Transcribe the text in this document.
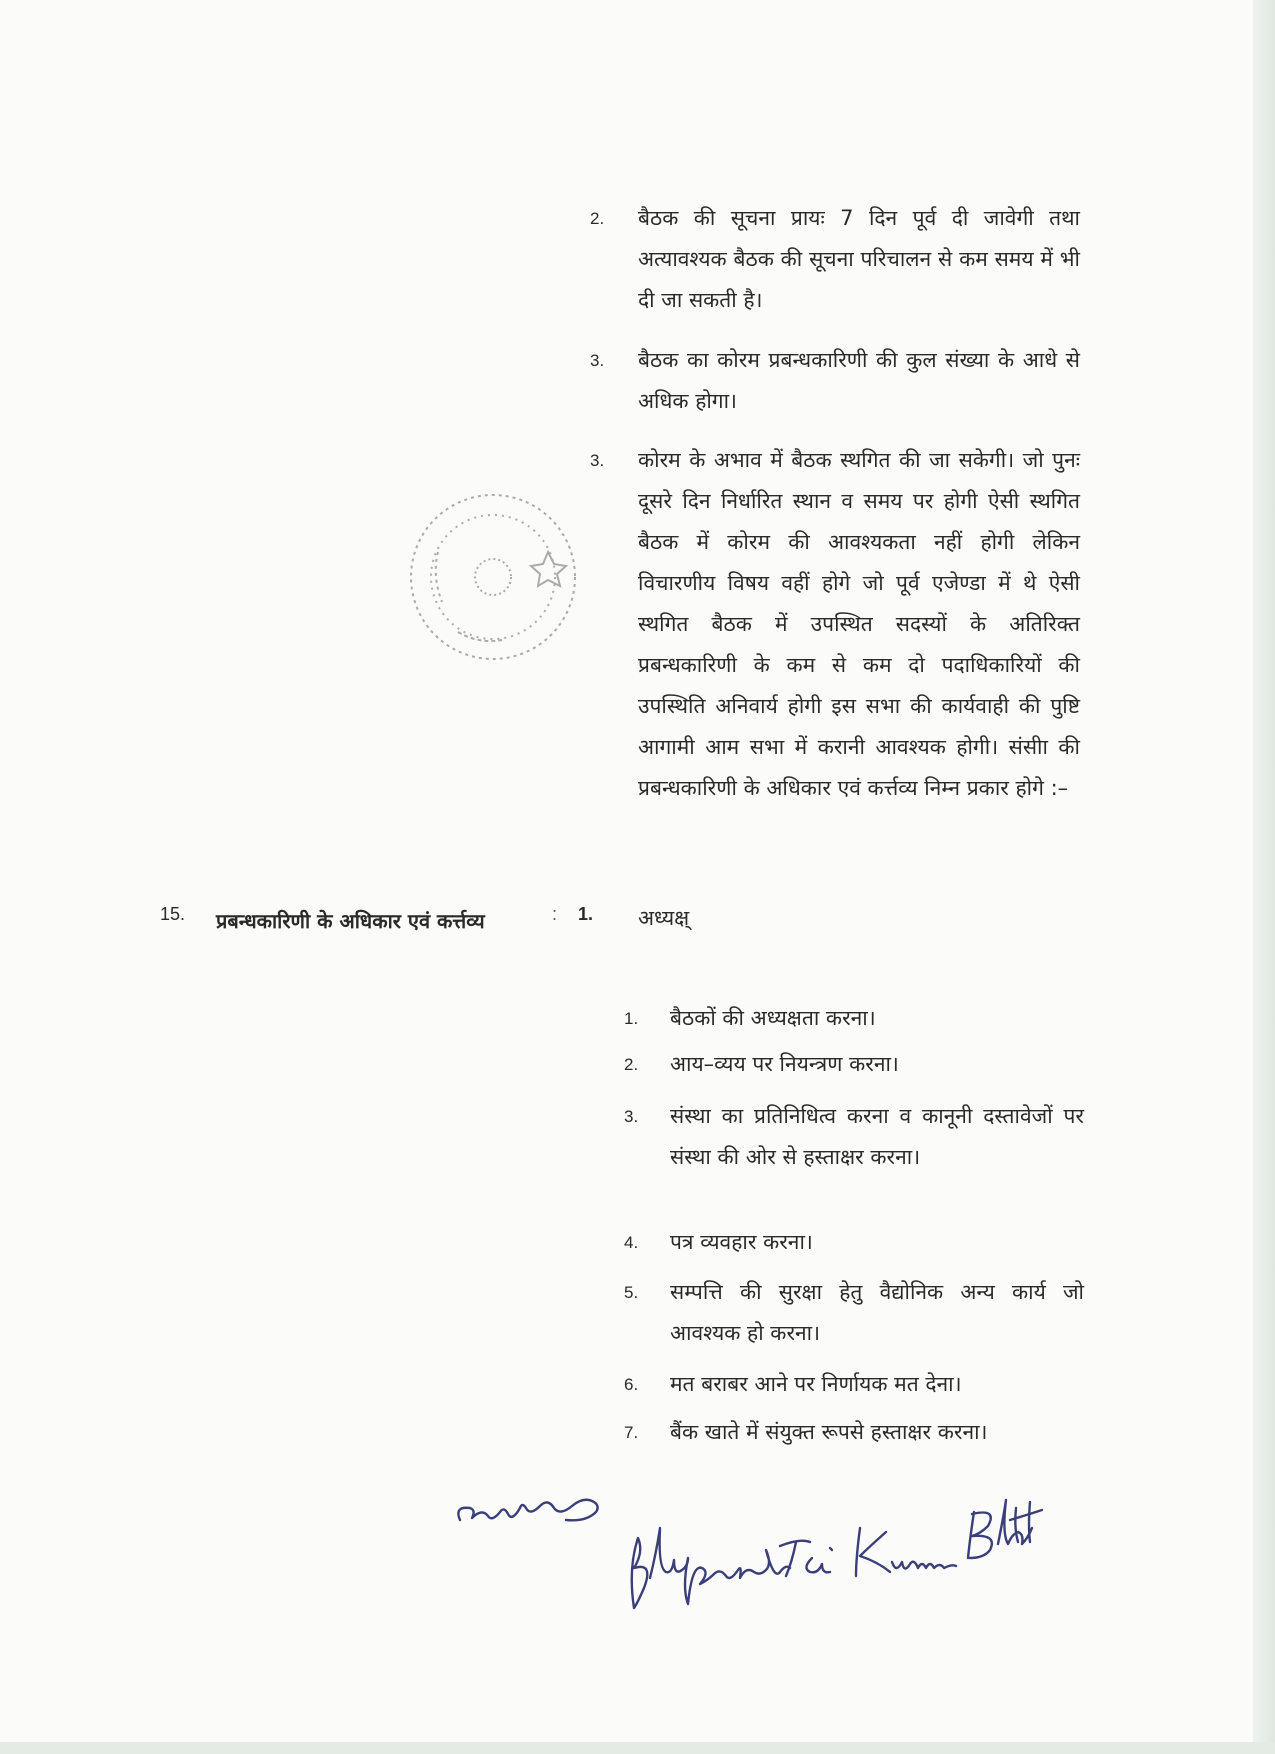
2.	बैठक की सूचना प्रायः 7 दिन पूर्व दी जावेगी तथा अत्यावश्यक बैठक की सूचना परिचालन से कम समय में भी दी जा सकती है।
3.	बैठक का कोरम प्रबन्धकारिणी की कुल संख्या के आधे से अधिक होगा।
3.	कोरम के अभाव में बैठक स्थगित की जा सकेगी। जो पुनः दूसरे दिन निर्धारित स्थान व समय पर होगी ऐसी स्थगित बैठक में कोरम की आवश्यकता नहीं होगी लेकिन विचारणीय विषय वहीं होगे जो पूर्व एजेण्डा में थे ऐसी स्थगित बैठक में उपस्थित सदस्यों के अतिरिक्त प्रबन्धकारिणी के कम से कम दो पदाधिकारियों की उपस्थिति अनिवार्य होगी इस सभा की कार्यवाही की पुष्टि आगामी आम सभा में करानी आवश्यक होगी। संसीा की प्रबन्धकारिणी के अधिकार एवं कर्त्तव्य निम्न प्रकार होगे :–
15. प्रबन्धकारिणी के अधिकार एवं कर्त्तव्य	: 1. अध्यक्ष्
1. बैठकों की अध्यक्षता करना।
2. आय–व्यय पर नियन्त्रण करना।
3. संस्था का प्रतिनिधित्व करना व कानूनी दस्तावेजों पर संस्था की ओर से हस्ताक्षर करना।
4. पत्र व्यवहार करना।
5. सम्पत्ति की सुरक्षा हेतु वैद्याेनिक अन्य कार्य जो आवश्यक हो करना।
6. मत बराबर आने पर निर्णायक मत देना।
7. बैंक खाते में संयुक्त रूपसे हस्ताक्षर करना।
